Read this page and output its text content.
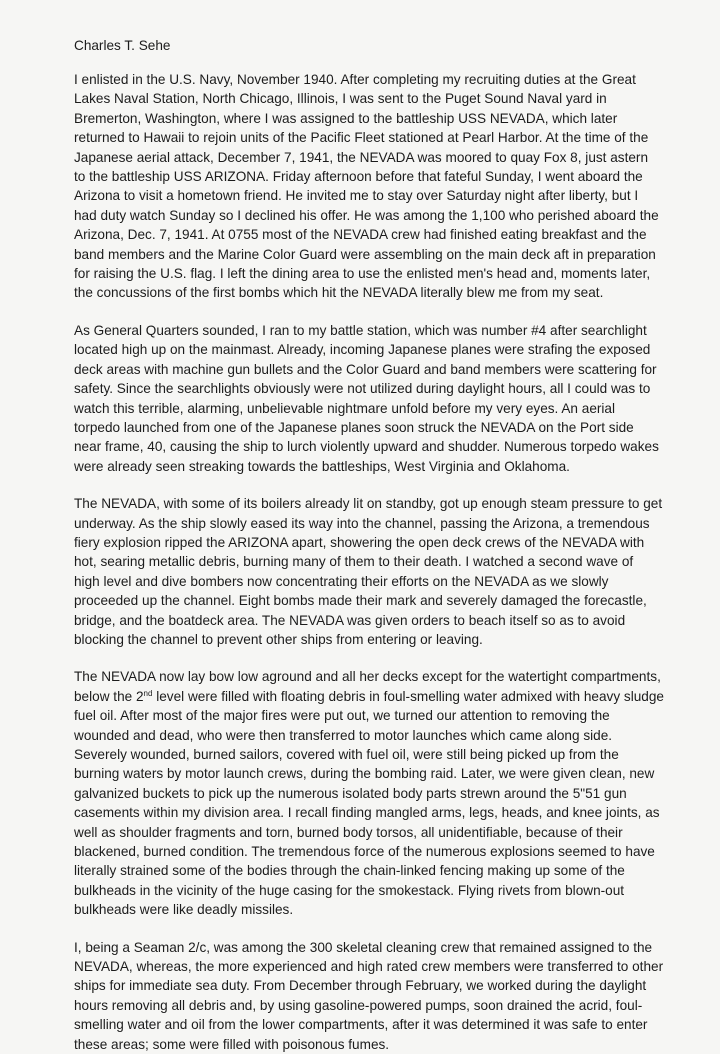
Charles T. Sehe
I enlisted in the U.S. Navy, November 1940. After completing my recruiting duties at the Great
Lakes Naval Station, North Chicago, Illinois, I was sent to the Puget Sound Naval yard in
Bremerton, Washington, where I was assigned to the battleship USS NEVADA, which later
returned to Hawaii to rejoin units of the Pacific Fleet stationed at Pearl Harbor. At the time of the
Japanese aerial attack, December 7, 1941, the NEVADA was moored to quay Fox 8, just astern
to the battleship USS ARIZONA. Friday afternoon before that fateful Sunday, I went aboard the
Arizona to visit a hometown friend. He invited me to stay over Saturday night after liberty, but I
had duty watch Sunday so I declined his offer. He was among the 1,100 who perished aboard the
Arizona, Dec. 7, 1941. At 0755 most of the NEVADA crew had finished eating breakfast and the
band members and the Marine Color Guard were assembling on the main deck aft in preparation
for raising the U.S. flag. I left the dining area to use the enlisted men's head and, moments later,
the concussions of the first bombs which hit the NEVADA literally blew me from my seat.
As General Quarters sounded, I ran to my battle station, which was number #4 after searchlight
located high up on the mainmast. Already, incoming Japanese planes were strafing the exposed
deck areas with machine gun bullets and the Color Guard and band members were scattering for
safety. Since the searchlights obviously were not utilized during daylight hours, all I could was to
watch this terrible, alarming, unbelievable nightmare unfold before my very eyes. An aerial
torpedo launched from one of the Japanese planes soon struck the NEVADA on the Port side
near frame, 40, causing the ship to lurch violently upward and shudder. Numerous torpedo wakes
were already seen streaking towards the battleships, West Virginia and Oklahoma.
The NEVADA, with some of its boilers already lit on standby, got up enough steam pressure to get
underway. As the ship slowly eased its way into the channel, passing the Arizona, a tremendous
fiery explosion ripped the ARIZONA apart, showering the open deck crews of the NEVADA with
hot, searing metallic debris, burning many of them to their death. I watched a second wave of
high level and dive bombers now concentrating their efforts on the NEVADA as we slowly
proceeded up the channel. Eight bombs made their mark and severely damaged the forecastle,
bridge, and the boatdeck area. The NEVADA was given orders to beach itself so as to avoid
blocking the channel to prevent other ships from entering or leaving.
The NEVADA now lay bow low aground and all her decks except for the watertight compartments,
below the 2nd level were filled with floating debris in foul-smelling water admixed with heavy sludge
fuel oil. After most of the major fires were put out, we turned our attention to removing the
wounded and dead, who were then transferred to motor launches which came along side.
Severely wounded, burned sailors, covered with fuel oil, were still being picked up from the
burning waters by motor launch crews, during the bombing raid. Later, we were given clean, new
galvanized buckets to pick up the numerous isolated body parts strewn around the 5"51 gun
casements within my division area. I recall finding mangled arms, legs, heads, and knee joints, as
well as shoulder fragments and torn, burned body torsos, all unidentifiable, because of their
blackened, burned condition. The tremendous force of the numerous explosions seemed to have
literally strained some of the bodies through the chain-linked fencing making up some of the
bulkheads in the vicinity of the huge casing for the smokestack. Flying rivets from blown-out
bulkheads were like deadly missiles.
I, being a Seaman 2/c, was among the 300 skeletal cleaning crew that remained assigned to the
NEVADA, whereas, the more experienced and high rated crew members were transferred to other
ships for immediate sea duty. From December through February, we worked during the daylight
hours removing all debris and, by using gasoline-powered pumps, soon drained the acrid, foul-
smelling water and oil from the lower compartments, after it was determined it was safe to enter
these areas; some were filled with poisonous fumes.
